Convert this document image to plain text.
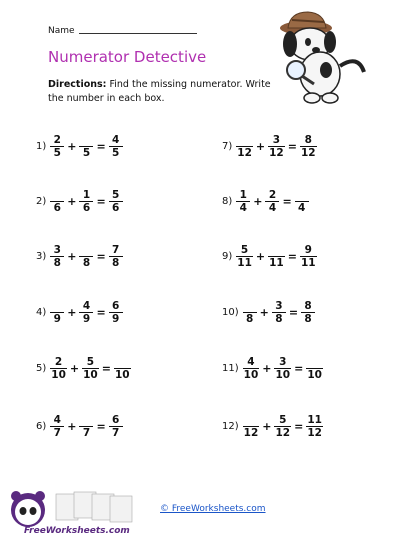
Name
Numerator Detective
Directions: Find the missing numerator. Write the number in each box.
$1) \frac{2}{5} + 5 = \frac{4}{5}$
2)
$6 + \frac{1}{6} = \frac{5}{6}$
$3) \frac{3}{8} + 8 = \frac{7}{8}$
4)
$9 + \frac{4}{9} = \frac{6}{9}$
$5) \frac{2}{10} + \frac{5}{10} = 10$
$6) \frac{4}{7} + 7 = \frac{6}{7}$
7)
$12 + \frac{3}{12} = \frac{8}{12}$
$8) \frac{1}{4} + \frac{2}{4} = 4$
$9) \frac{5}{11} + 11 = \frac{9}{11}$
10)
$8 + \frac{3}{8} = \frac{8}{8}$
$11) \frac{4}{10} + \frac{3}{10} = 10$
12)
$12 + \frac{5}{12} = \frac{11}{12}$
FreeWorksheets.com
© FreeWorksheets.com
